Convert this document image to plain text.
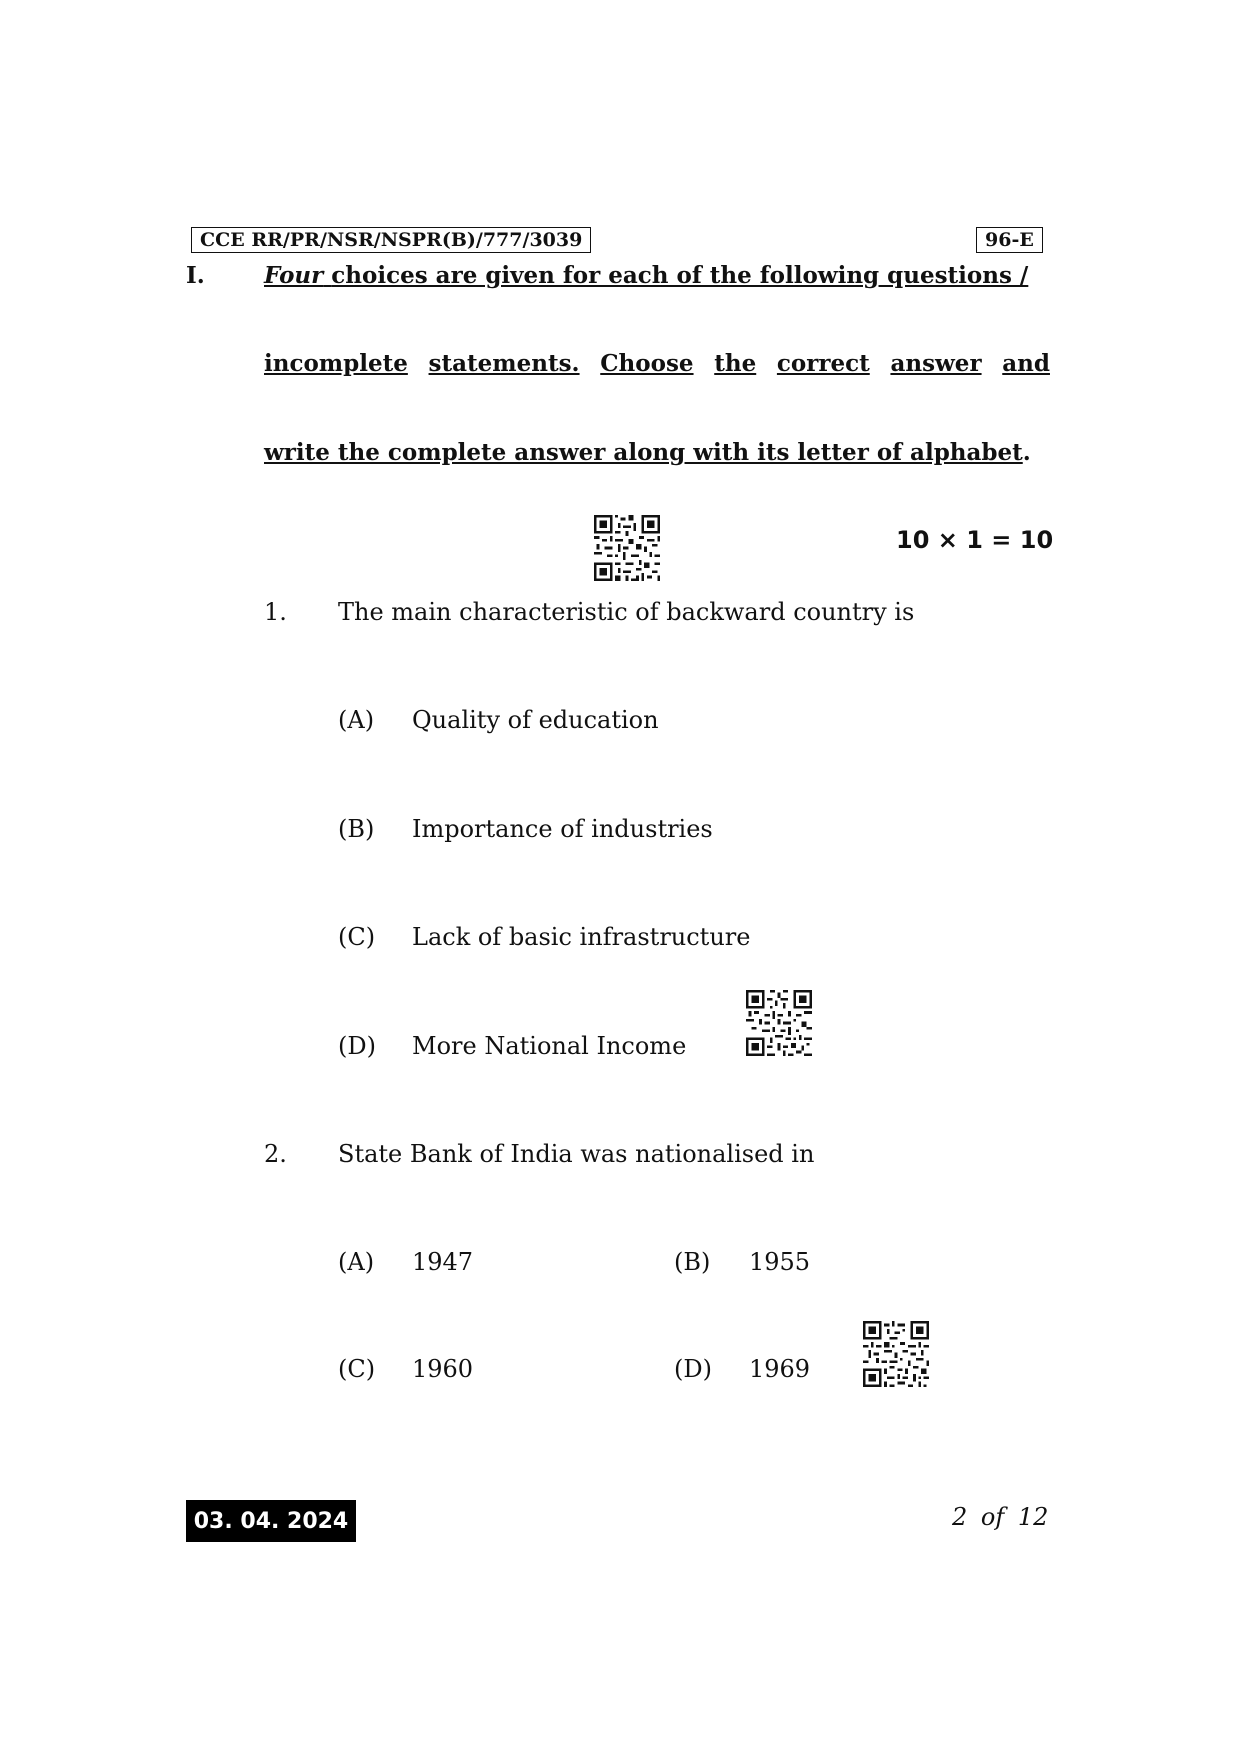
CCE RR/PR/NSR/NSPR(B)/777/3039	96-E
I.	Four choices are given for each of the following questions /
incomplete statements. Choose the correct answer and
write the complete answer along with its letter of alphabet.
10 × 1 = 10
1. The main characteristic of backward country is
(A) Quality of education
(B) Importance of industries
(C) Lack of basic infrastructure
(D) More National Income
2. State Bank of India was nationalised in
(A) 1947	(B) 1955
(C) 1960	(D) 1969
03. 04. 2024	2 of 12
